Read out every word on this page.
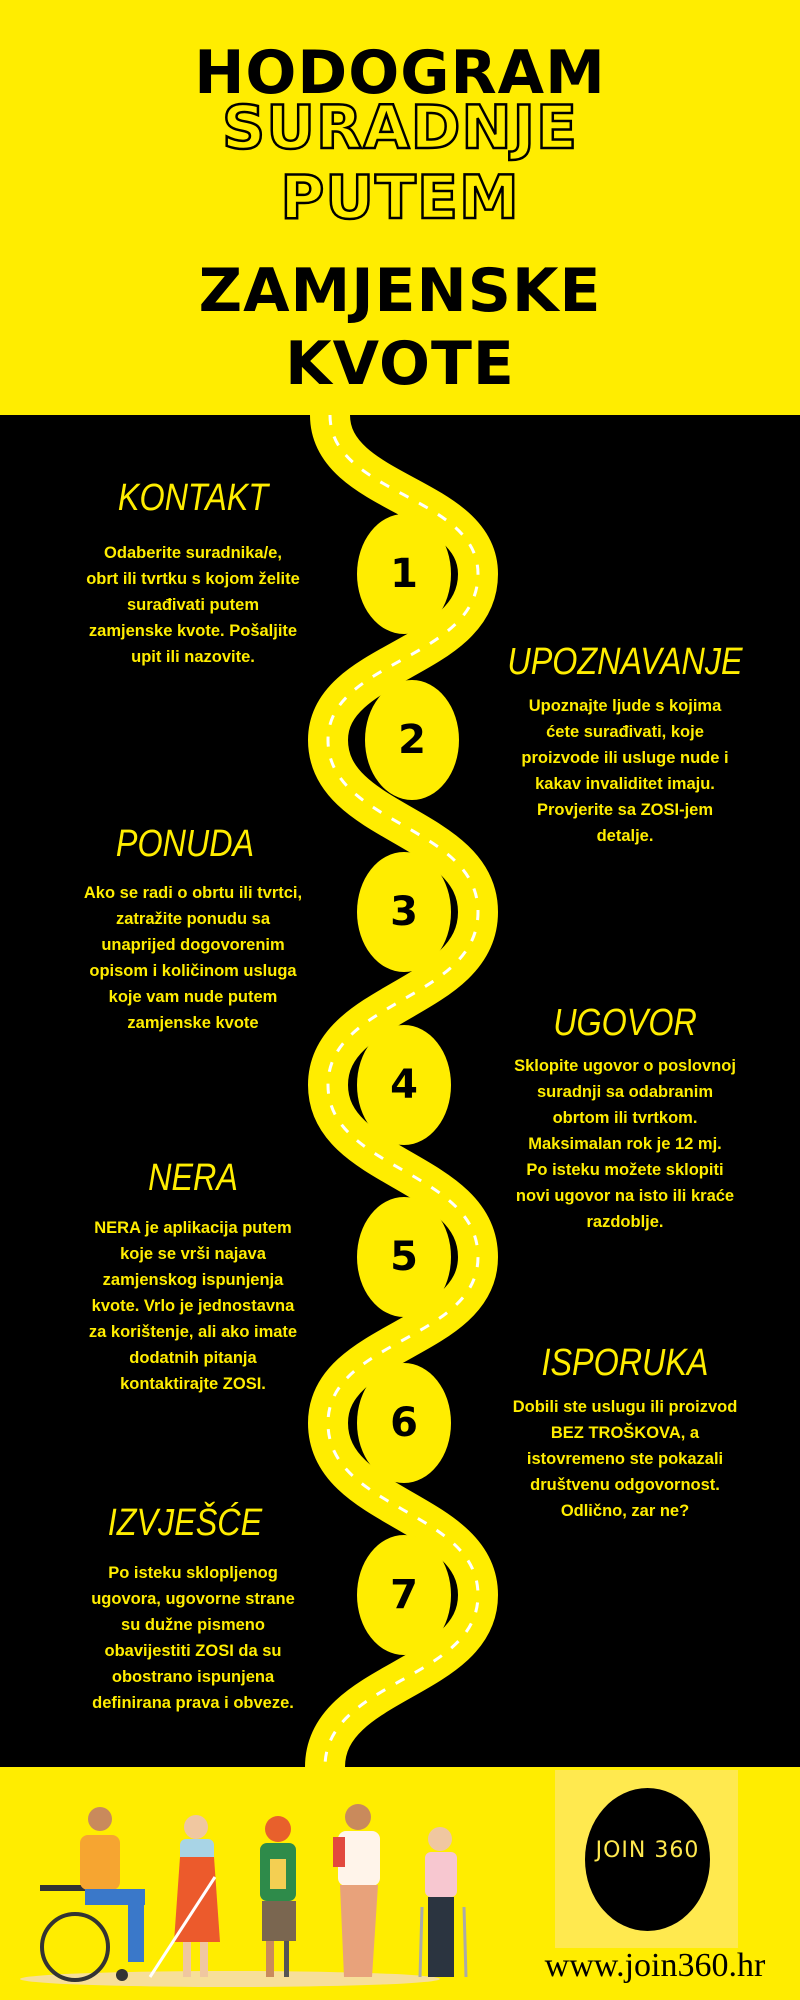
HODOGRAM
SURADNJE
PUTEM
ZAMJENSKE
KVOTE
1
2
3
4
5
6
7
KONTAKT
Odaberite suradnika/e,
obrt ili tvrtku s kojom želite
surađivati putem
zamjenske kvote. Pošaljite
upit ili nazovite.	UPOZNAVANJE
Upoznajte ljude s kojima
ćete surađivati, koje
proizvode ili usluge nude i
kakav invaliditet imaju.
Provjerite sa ZOSI-jem
detalje.
PONUDA
Ako se radi o obrtu ili tvrtci,
zatražite ponudu sa
unaprijed dogovorenim
opisom i količinom usluga
koje vam nude putem
zamjenske kvote	UGOVOR
Sklopite ugovor o poslovnoj
suradnji sa odabranim
obrtom ili tvrtkom.
Maksimalan rok je 12 mj.
Po isteku možete sklopiti
novi ugovor na isto ili kraće
razdoblje.
NERA
NERA je aplikacija putem
koje se vrši najava
zamjenskog ispunjenja
kvote. Vrlo je jednostavna
za korištenje, ali ako imate
dodatnih pitanja
kontaktirajte ZOSI.	ISPORUKA
Dobili ste uslugu ili proizvod
BEZ TROŠKOVA, a
istovremeno ste pokazali
društvenu odgovornost.
Odlično, zar ne?
IZVJEŠĆE
Po isteku sklopljenog
ugovora, ugovorne strane
su dužne pismeno
obavijestiti ZOSI da su
obostrano ispunjena
definirana prava i obveze.
JOIN 360
www.join360.hr
